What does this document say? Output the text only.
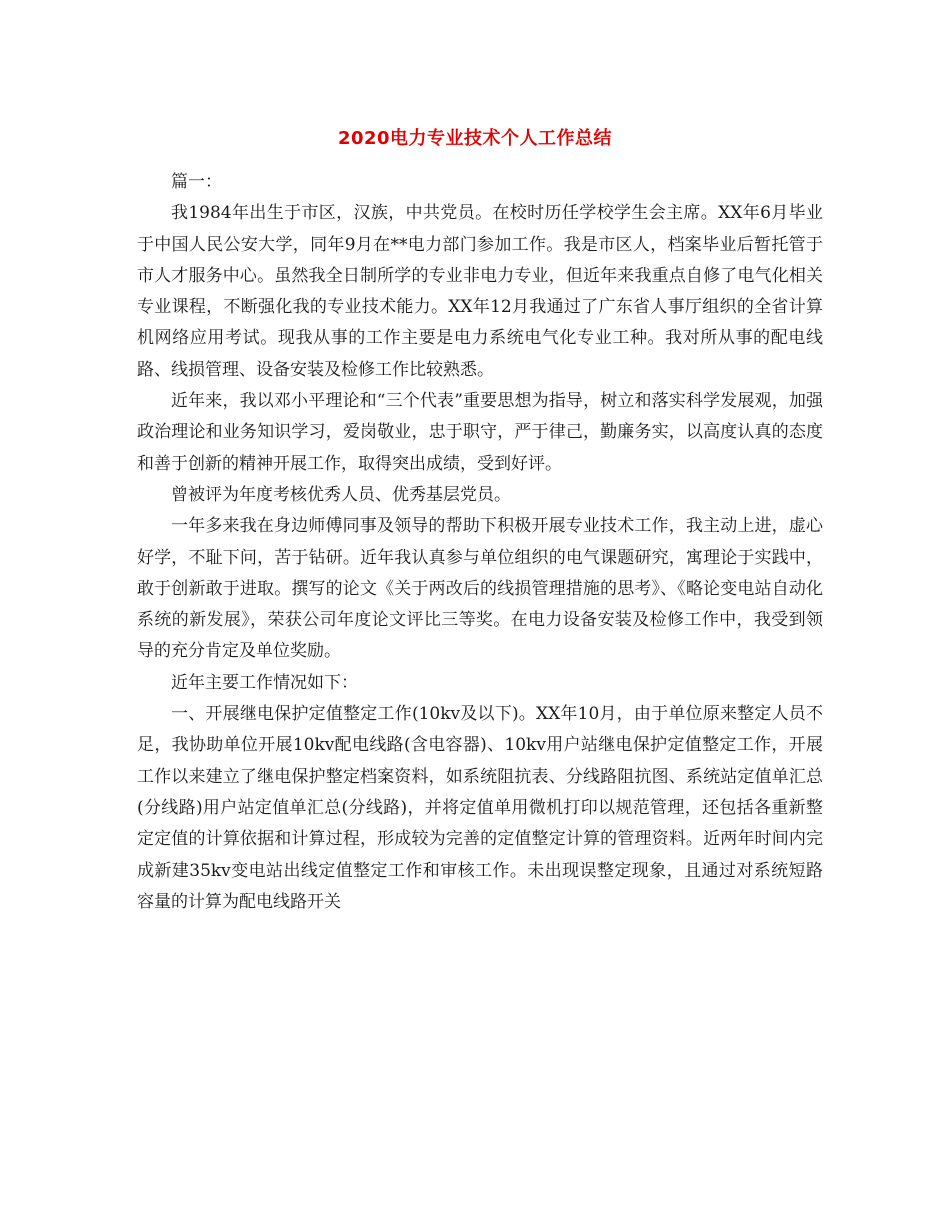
2020电力专业技术个人工作总结

篇一：

我1984年出生于市区，汉族，中共党员。在校时历任学校学生会主席。XX年6月毕业于中国人民公安大学，同年9月在**电力部门参加工作。我是市区人，档案毕业后暂托管于市人才服务中心。虽然我全日制所学的专业非电力专业，但近年来我重点自修了电气化相关专业课程，不断强化我的专业技术能力。XX年12月我通过了广东省人事厅组织的全省计算机网络应用考试。现我从事的工作主要是电力系统电气化专业工种。我对所从事的配电线路、线损管理、设备安装及检修工作比较熟悉。

近年来，我以邓小平理论和“三个代表”重要思想为指导，树立和落实科学发展观，加强政治理论和业务知识学习，爱岗敬业，忠于职守，严于律己，勤廉务实，以高度认真的态度和善于创新的精神开展工作，取得突出成绩，受到好评。

曾被评为年度考核优秀人员、优秀基层党员。

一年多来我在身边师傅同事及领导的帮助下积极开展专业技术工作，我主动上进，虚心好学，不耻下问，苦于钻研。近年我认真参与单位组织的电气课题研究，寓理论于实践中，敢于创新敢于进取。撰写的论文《关于两改后的线损管理措施的思考》、《略论变电站自动化系统的新发展》，荣获公司年度论文评比三等奖。在电力设备安装及检修工作中，我受到领导的充分肯定及单位奖励。

近年主要工作情况如下：

一、开展继电保护定值整定工作(10kv及以下)。XX年10月，由于单位原来整定人员不足，我协助单位开展10kv配电线路(含电容器)、10kv用户站继电保护定值整定工作，开展工作以来建立了继电保护整定档案资料，如系统阻抗表、分线路阻抗图、系统站定值单汇总(分线路)用户站定值单汇总(分线路)，并将定值单用微机打印以规范管理，还包括各重新整定定值的计算依据和计算过程，形成较为完善的定值整定计算的管理资料。近两年时间内完成新建35kv变电站出线定值整定工作和审核工作。未出现误整定现象，且通过对系统短路容量的计算为配电线路开关
